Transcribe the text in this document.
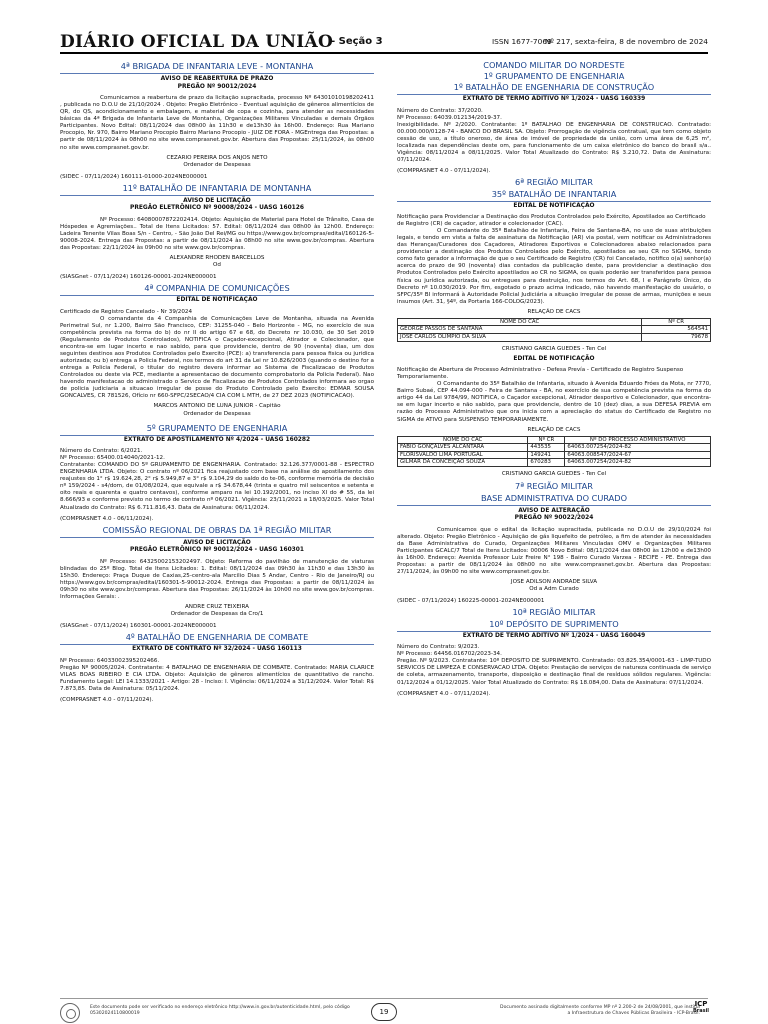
DIÁRIO OFICIAL DA UNIÃO
- Seção 3	ISSN 1677-7069
Nº 217, sexta-feira, 8 de novembro de 2024
4ª BRIGADA DE INFANTARIA LEVE - MONTANHA
AVISO DE REABERTURA DE PRAZO
PREGÃO Nº 90012/2024

Comunicamos a reabertura de prazo da licitação supracitada, processo Nº 64301010198202411 , publicada no D.O.U de 21/10/2024 . Objeto: Pregão Eletrônico - Eventual aquisição de gêneros alimentícios de QR, do QS, acondicionamento e embalagem, e material de copa e cozinha, para atender as necessidades básicas da 4ª Brigada de Infantaria Leve de Montanha, Organizações Militares Vinculadas e demais Órgãos Participantes. Novo Edital: 08/11/2024 das 08h00 às 11h30 e de13h30 às 16h00. Endereço: Rua Mariano Procopio, Nr. 970, Bairro Mariano Procopio Bairro Mariano Procopio - JUIZ DE FORA - MGEntrega das Propostas: a partir de 08/11/2024 às 08h00 no site www.comprasnet.gov.br. Abertura das Propostas: 25/11/2024, às 08h00 no site www.comprasnet.gov.br.

CEZARIO PEREIRA DOS ANJOS NETO
Ordenador de Despesas
(SIDEC - 07/11/2024) 160111-01000-2024NE000001
11º BATALHÃO DE INFANTARIA DE MONTANHA
AVISO DE LICITAÇÃO
PREGÃO ELETRÔNICO Nº 90008/2024 - UASG 160126

Nº Processo: 64080007872202414. Objeto: Aquisição de Material para Hotel de Trânsito, Casa de Hóspedes e Agremiações.. Total de Itens Licitados: 57. Edital: 08/11/2024 das 08h00 às 12h00. Endereço: Ladeira Tenente Vilas Boas S/n - Centro, - São João Del Rei/MG ou https://www.gov.br/compras/edital/160126-5-90008-2024. Entrega das Propostas: a partir de 08/11/2024 às 08h00 no site www.gov.br/compras. Abertura das Propostas: 22/11/2024 às 09h00 no site www.gov.br/compras.

ALEXANDRE RHODEN BARCELLOS
Od
(SIASGnet - 07/11/2024) 160126-00001-2024NE000001
4ª COMPANHIA DE COMUNICAÇÕES
EDITAL DE NOTIFICAÇÃO

Certificado de Registro Cancelado - Nr 39/2024

O comandante da 4 Companhia de Comunicações Leve de Montanha, situada na Avenida Perimetral Sul, nr 1.200, Bairro São Francisco, CEP: 31255-040 - Belo Horizonte - MG, no exercício de sua competência prevista na forma do b) do nr II do artigo 67 e 68, do Decreto nr 10.030, de 30 Set 2019 (Regulamento de Produtos Controlados), NOTIFICA o Caçador-excepcional, Atirador e Colecionador, que encontra-se em lugar incerto e nao sabido, para que providencie, dentro de 90 (noventa) dias, um dos seguintes destinos aos Produtos Controlados pelo Exercito (PCE): a) transferencia para pessoa fisica ou juridica autorizada; ou b) entrega a Policia Federal, nos termos do art 31 da Lei nr 10.826/2003 (quando o destino for a entrega a Policia Federal, o titular do registro devera informar ao Sistema de Fiscalizacao de Produtos Controlados ou deste via PCE, mediante a apresentacao de documento comprobatorio da Policia Federal). Nao havendo manifestacao do administrado o Servico de Fiscalizacao de Produtos Controlados informara ao orgao de policia judiciaria a situacao irregular de posse do Produto Controlado pelo Exercito: EDMAR SOUSA GONCALVES, CR 781526, Ofício nr 660-SFPC/2SECAO/4 CIA COM L MTH, de 27 DEZ 2023 (NOTIFICACAO).

MARCOS ANTONIO DE LUNA JUNIOR - Capitão
Ordenador de Despesas
5º GRUPAMENTO DE ENGENHARIA
EXTRATO DE APOSTILAMENTO Nº 4/2024 - UASG 160282

Número do Contrato: 6/2021.

Nº Processo: 65400.014040/2021-12.

Contratante: COMANDO DO 5º GRUPAMENTO DE ENGENHARIA. Contratado: 32.126.377/0001-88 - ESPECTRO ENGENHARIA LTDA. Objeto: O contrato nº 06/2021 fica reajustado com base na análise do apostilamento dos reajustes do 1° r$ 19.624,28, 2° r$ 5.949,87 e 3° r$ 9.104,29 do saldo do te-06, conforme memória de decisão nº 159/2024 - s4/dom, de 01/08/2024, que equivale a r$ 34.678,44 (trinta e quatro mil seiscentos e setenta e oito reais e quarenta e quatro centavos), conforme amparo na lei 10.192/2001, no inciso XI do # 55, da lei 8.666/93 e conforme previsto no termo de contrato nº 06/2021. Vigência: 23/11/2021 a 18/03/2025. Valor Total Atualizado do Contrato: R$ 6.711.816,43. Data de Assinatura: 06/11/2024.

(COMPRASNET 4.0 - 06/11/2024).
COMISSÃO REGIONAL DE OBRAS DA 1ª REGIÃO MILITAR
AVISO DE LICITAÇÃO
PREGÃO ELETRÔNICO Nº 90012/2024 - UASG 160301

Nº Processo: 64325002153202497. Objeto: Reforma do pavilhão de manutenção de viaturas blindadas do 25º Blog. Total de Itens Licitados: 1. Edital: 08/11/2024 das 09h30 às 11h30 e das 13h30 às 15h30. Endereço: Praça Duque de Caxias,25-centro-ala Marcilio Dias 5 Andar, Centro - Rio de Janeiro/RJ ou https://www.gov.br/compras/edital/160301-5-90012-2024. Entrega das Propostas: a partir de 08/11/2024 às 09h30 no site www.gov.br/compras. Abertura das Propostas: 26/11/2024 às 10h00 no site www.gov.br/compras. Informações Gerais: .

ANDRE CRUZ TEIXEIRA
Ordenador de Despesas da Cro/1
(SIASGnet - 07/11/2024) 160301-00001-2024NE000001
4º BATALHÃO DE ENGENHARIA DE COMBATE
EXTRATO DE CONTRATO Nº 32/2024 - UASG 160113

Nº Processo: 64033002395202466.

Pregão Nº 90005/2024. Contratante: 4 BATALHAO DE ENGENHARIA DE COMBATE. Contratado: MARIA CLARICE VILAS BOAS RIBEIRO E CIA LTDA. Objeto: Aquisição de gêneros alimentícios de quantitativo de rancho. Fundamento Legal: LEI 14.1333/2021 - Artigo: 28 - Inciso: I. Vigência: 06/11/2024 a 31/12/2024. Valor Total: R$ 7.873,85. Data de Assinatura: 05/11/2024.

(COMPRASNET 4.0 - 07/11/2024).
COMANDO MILITAR DO NORDESTE
1º GRUPAMENTO DE ENGENHARIA
1º BATALHÃO DE ENGENHARIA DE CONSTRUÇÃO
EXTRATO DE TERMO ADITIVO Nº 1/2024 - UASG 160339

Número do Contrato: 37/2020.

Nº Processo: 64039.012134/2019-37.

Inexigibilidade. Nº 2/2020. Contratante: 1º BATALHAO DE ENGENHARIA DE CONSTRUCAO. Contratado: 00.000.000/0128-74 - BANCO DO BRASIL SA. Objeto: Prorrogação de vigência contratual, que tem como objeto cessão de uso, a título oneroso, de área de imóvel de propriedade da união, com uma área de 6,25 m², localizada nas dependências deste om, para funcionamento de um caixa eletrônico do banco do brasil s/a.. Vigência: 08/11/2024 a 08/11/2025. Valor Total Atualizado do Contrato: R$ 3.210,72. Data de Assinatura: 07/11/2024.

(COMPRASNET 4.0 - 07/11/2024).
6ª REGIÃO MILITAR
35º BATALHÃO DE INFANTARIA
EDITAL DE NOTIFICAÇÃO

Notificação para Providenciar a Destinação dos Produtos Controlados pelo Exército, Apostilados ao Certificado de Registro (CR) de caçador, atirador e colecionador (CAC).

O Comandante do 35º Batalhão de Infantaria, Feira de Santana-BA, no uso de suas atribuições legais, e tendo em vista a falta de assinatura da Notificação (AR) via postal, vem notificar os Administradores das Heranças/Curadores dos Caçadores, Atiradores Esportivos e Colecionadores abaixo relacionados para providenciar a destinação dos Produtos Controlados pelo Exército, apostilados ao seu CR no SIGMA, tendo como fato gerador a informação de que o seu Certificado de Registro (CR) foi Cancelado, notifico o(a) senhor(a) acerca do prazo de 90 (noventa) dias contados da publicação deste, para providenciar a destinação dos Produtos Controlados pelo Exército apostilados ao CR no SIGMA, os quais poderão ser transferidos para pessoa física ou jurídica autorizada, ou entregues para destruição, nos termos do Art. 68, I e Parágrafo Único, do Decreto nº 10.030/2019. Por fim, esgotado o prazo acima indicado, não havendo manifestação do usuário, o SFPC/35º BI informará à Autoridade Policial Judiciária a situação irregular de posse de armas, munições e seus insumos (Art. 31, §4º, da Portaria 166-COLOG/2023).

RELAÇÃO DE CACS
NOME DO CAC	Nº CR
GEORGE PASSOS DE SANTANA	564541
JOSE CARLOS OLIMPIO DA SILVA	79678
CRISTIANO GARCIA GUEDES - Ten Cel
EDITAL DE NOTIFICAÇÃO

Notificação de Abertura de Processo Administrativo - Defesa Prevía - Certificado de Registro Suspenso Temporariamente.

O Comandante do 35º Batalhão de Infantaria, situado à Avenida Eduardo Fróes da Mota, nr 7770, Bairro Subaé, CEP 44.094-000 - Feira de Santana - BA, no exercício de sua competência prevista na forma do artigo 44 da Lei 9784/99, NOTIFICA, o Caçador excepcional, Atirador desportivo e Colecionador, que encontra-se em lugar incerto e não sabido, para que providencie, dentro de 10 (dez) dias, a sua DEFESA PREVIA em razão do Processo Administrativo que ora inicia com a apreciação do status do Certificado de Registro no SIGMA de ATIVO para SUSPENSO TEMPORARIAMENTE.

RELAÇÃO DE CACS
NOME DO CAC	Nº CR	Nº DO PROCESSO ADMINISTRATIVO
FABIO GONÇALVES ALCANTARA	443535	64063.007254/2024-82
FLORISVALDO LIMA PORTUGAL	149241	64063.008547/2024-67
GILMAR DA CONCEIÇÃO SOUZA	670283	64063.007254/2024-82
CRISTIANO GARCIA GUEDES - Ten Cel
7ª REGIÃO MILITAR
BASE ADMINISTRATIVA DO CURADO
AVISO DE ALTERAÇÃO
PREGÃO Nº 90022/2024

Comunicamos que o edital da licitação supracitada, publicada no D.O.U de 29/10/2024 foi alterado. Objeto: Pregão Eletrônico - Aquisição de gás liquefeito de petróleo, a fim de atender às necessidades da Base Administrativa do Curado, Organizações Militares Vinculadas OMV e Organizações Militares Participantes GCALC/7 Total de Itens Licitados: 00006 Novo Edital: 08/11/2024 das 08h00 às 12h00 e de13h00 às 16h00. Endereço: Avenida Professor Luiz Freire N° 198 - Bairro Curado Varzea - RECIFE - PE. Entrega das Propostas: a partir de 08/11/2024 às 08h00 no site www.comprasnet.gov.br. Abertura das Propostas: 27/11/2024, às 09h00 no site www.comprasnet.gov.br.

JOSE ADILSON ANDRADE SILVA
Od a Adm Curado
(SIDEC - 07/11/2024) 160225-00001-2024NE000001
10ª REGIÃO MILITAR
10º DEPÓSITO DE SUPRIMENTO
EXTRATO DE TERMO ADITIVO Nº 1/2024 - UASG 160049

Número do Contrato: 9/2023.

Nº Processo: 64456.016702/2023-34.

Pregão. Nº 9/2023. Contratante: 10º DEPOSITO DE SUPRIMENTO. Contratado: 03.825.354/0001-63 - LIMP-TUDO SERVICOS DE LIMPEZA E CONSERVACAO LTDA. Objeto: Prestação de serviços de natureza continuada de serviço de coleta, armazenamento, transporte, disposição e destinação final de resíduos sólidos regulares. Vigência: 01/12/2024 a 01/12/2025. Valor Total Atualizado do Contrato: R$ 18.084,00. Data de Assinatura: 07/11/2024.

(COMPRASNET 4.0 - 07/11/2024).
Este documento pode ser verificado no endereço eletrônico http://www.in.gov.br/autenticidade.html, pelo código 05302024110800019	19
Documento assinado digitalmente conforme MP nº 2.200-2 de 24/08/2001, que institui a Infraestrutura de Chaves Públicas Brasileira - ICP-Brasil.
ICP
Brasil
